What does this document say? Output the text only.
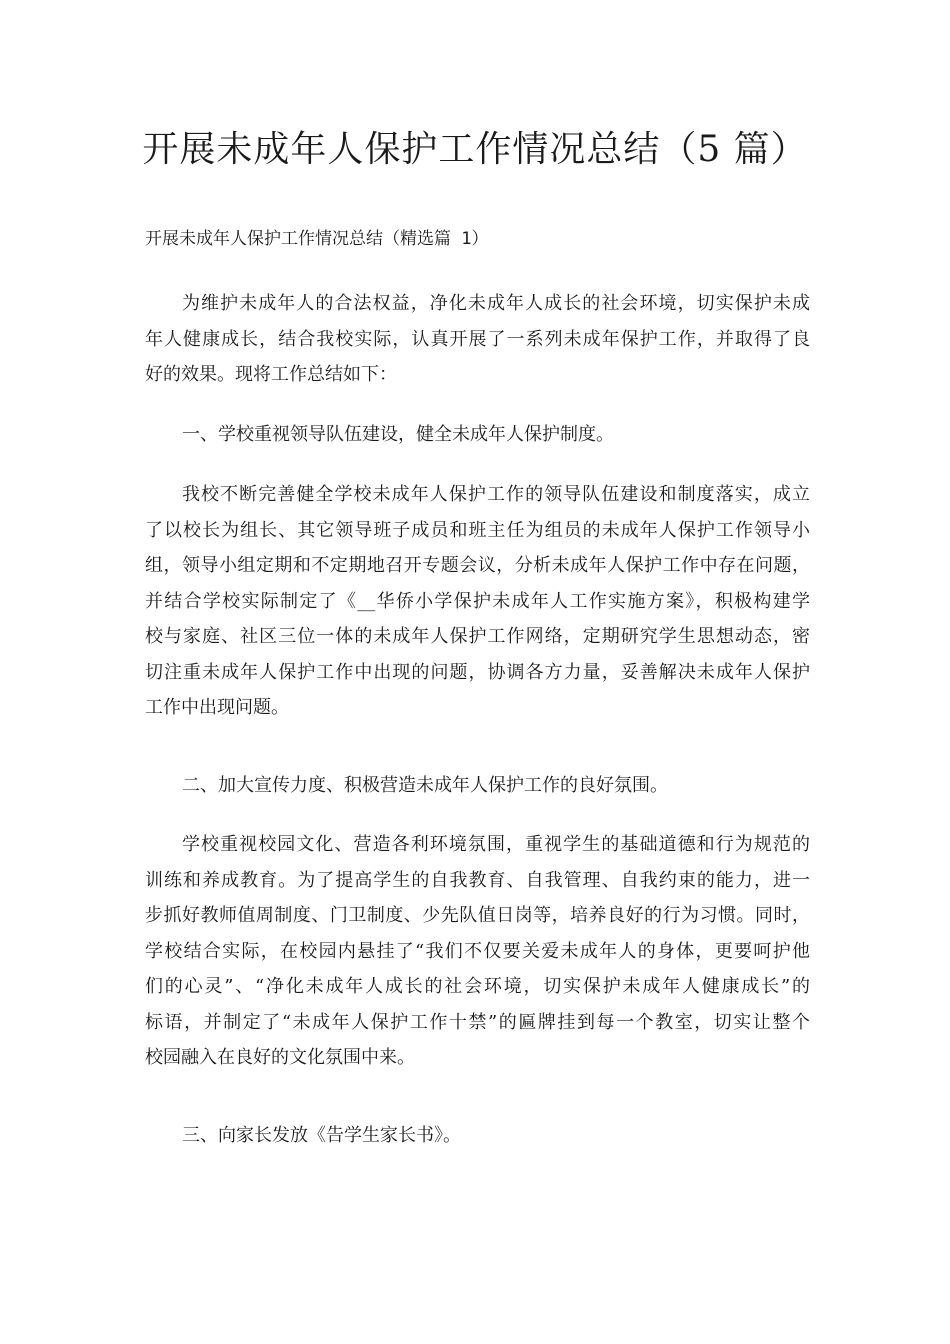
开展未成年人保护工作情况总结（5 篇）
开展未成年人保护工作情况总结（精选篇 1）

为维护未成年人的合法权益，净化未成年人成长的社会环境，切实保护未成
年人健康成长，结合我校实际，认真开展了一系列未成年保护工作，并取得了良
好的效果。现将工作总结如下：

一、学校重视领导队伍建设，健全未成年人保护制度。

我校不断完善健全学校未成年人保护工作的领导队伍建设和制度落实，成立
了以校长为组长、其它领导班子成员和班主任为组员的未成年人保护工作领导小
组，领导小组定期和不定期地召开专题会议，分析未成年人保护工作中存在问题，
并结合学校实际制定了《__华侨小学保护未成年人工作实施方案》，积极构建学
校与家庭、社区三位一体的未成年人保护工作网络，定期研究学生思想动态，密
切注重未成年人保护工作中出现的问题，协调各方力量，妥善解决未成年人保护
工作中出现问题。

二、加大宣传力度、积极营造未成年人保护工作的良好氛围。

学校重视校园文化、营造各利环境氛围，重视学生的基础道德和行为规范的
训练和养成教育。为了提高学生的自我教育、自我管理、自我约束的能力，进一
步抓好教师值周制度、门卫制度、少先队值日岗等，培养良好的行为习惯。同时，
学校结合实际，在校园内悬挂了“我们不仅要关爱未成年人的身体，更要呵护他
们的心灵”、“净化未成年人成长的社会环境，切实保护未成年人健康成长”的
标语，并制定了“未成年人保护工作十禁”的匾牌挂到每一个教室，切实让整个
校园融入在良好的文化氛围中来。

三、向家长发放《告学生家长书》。
